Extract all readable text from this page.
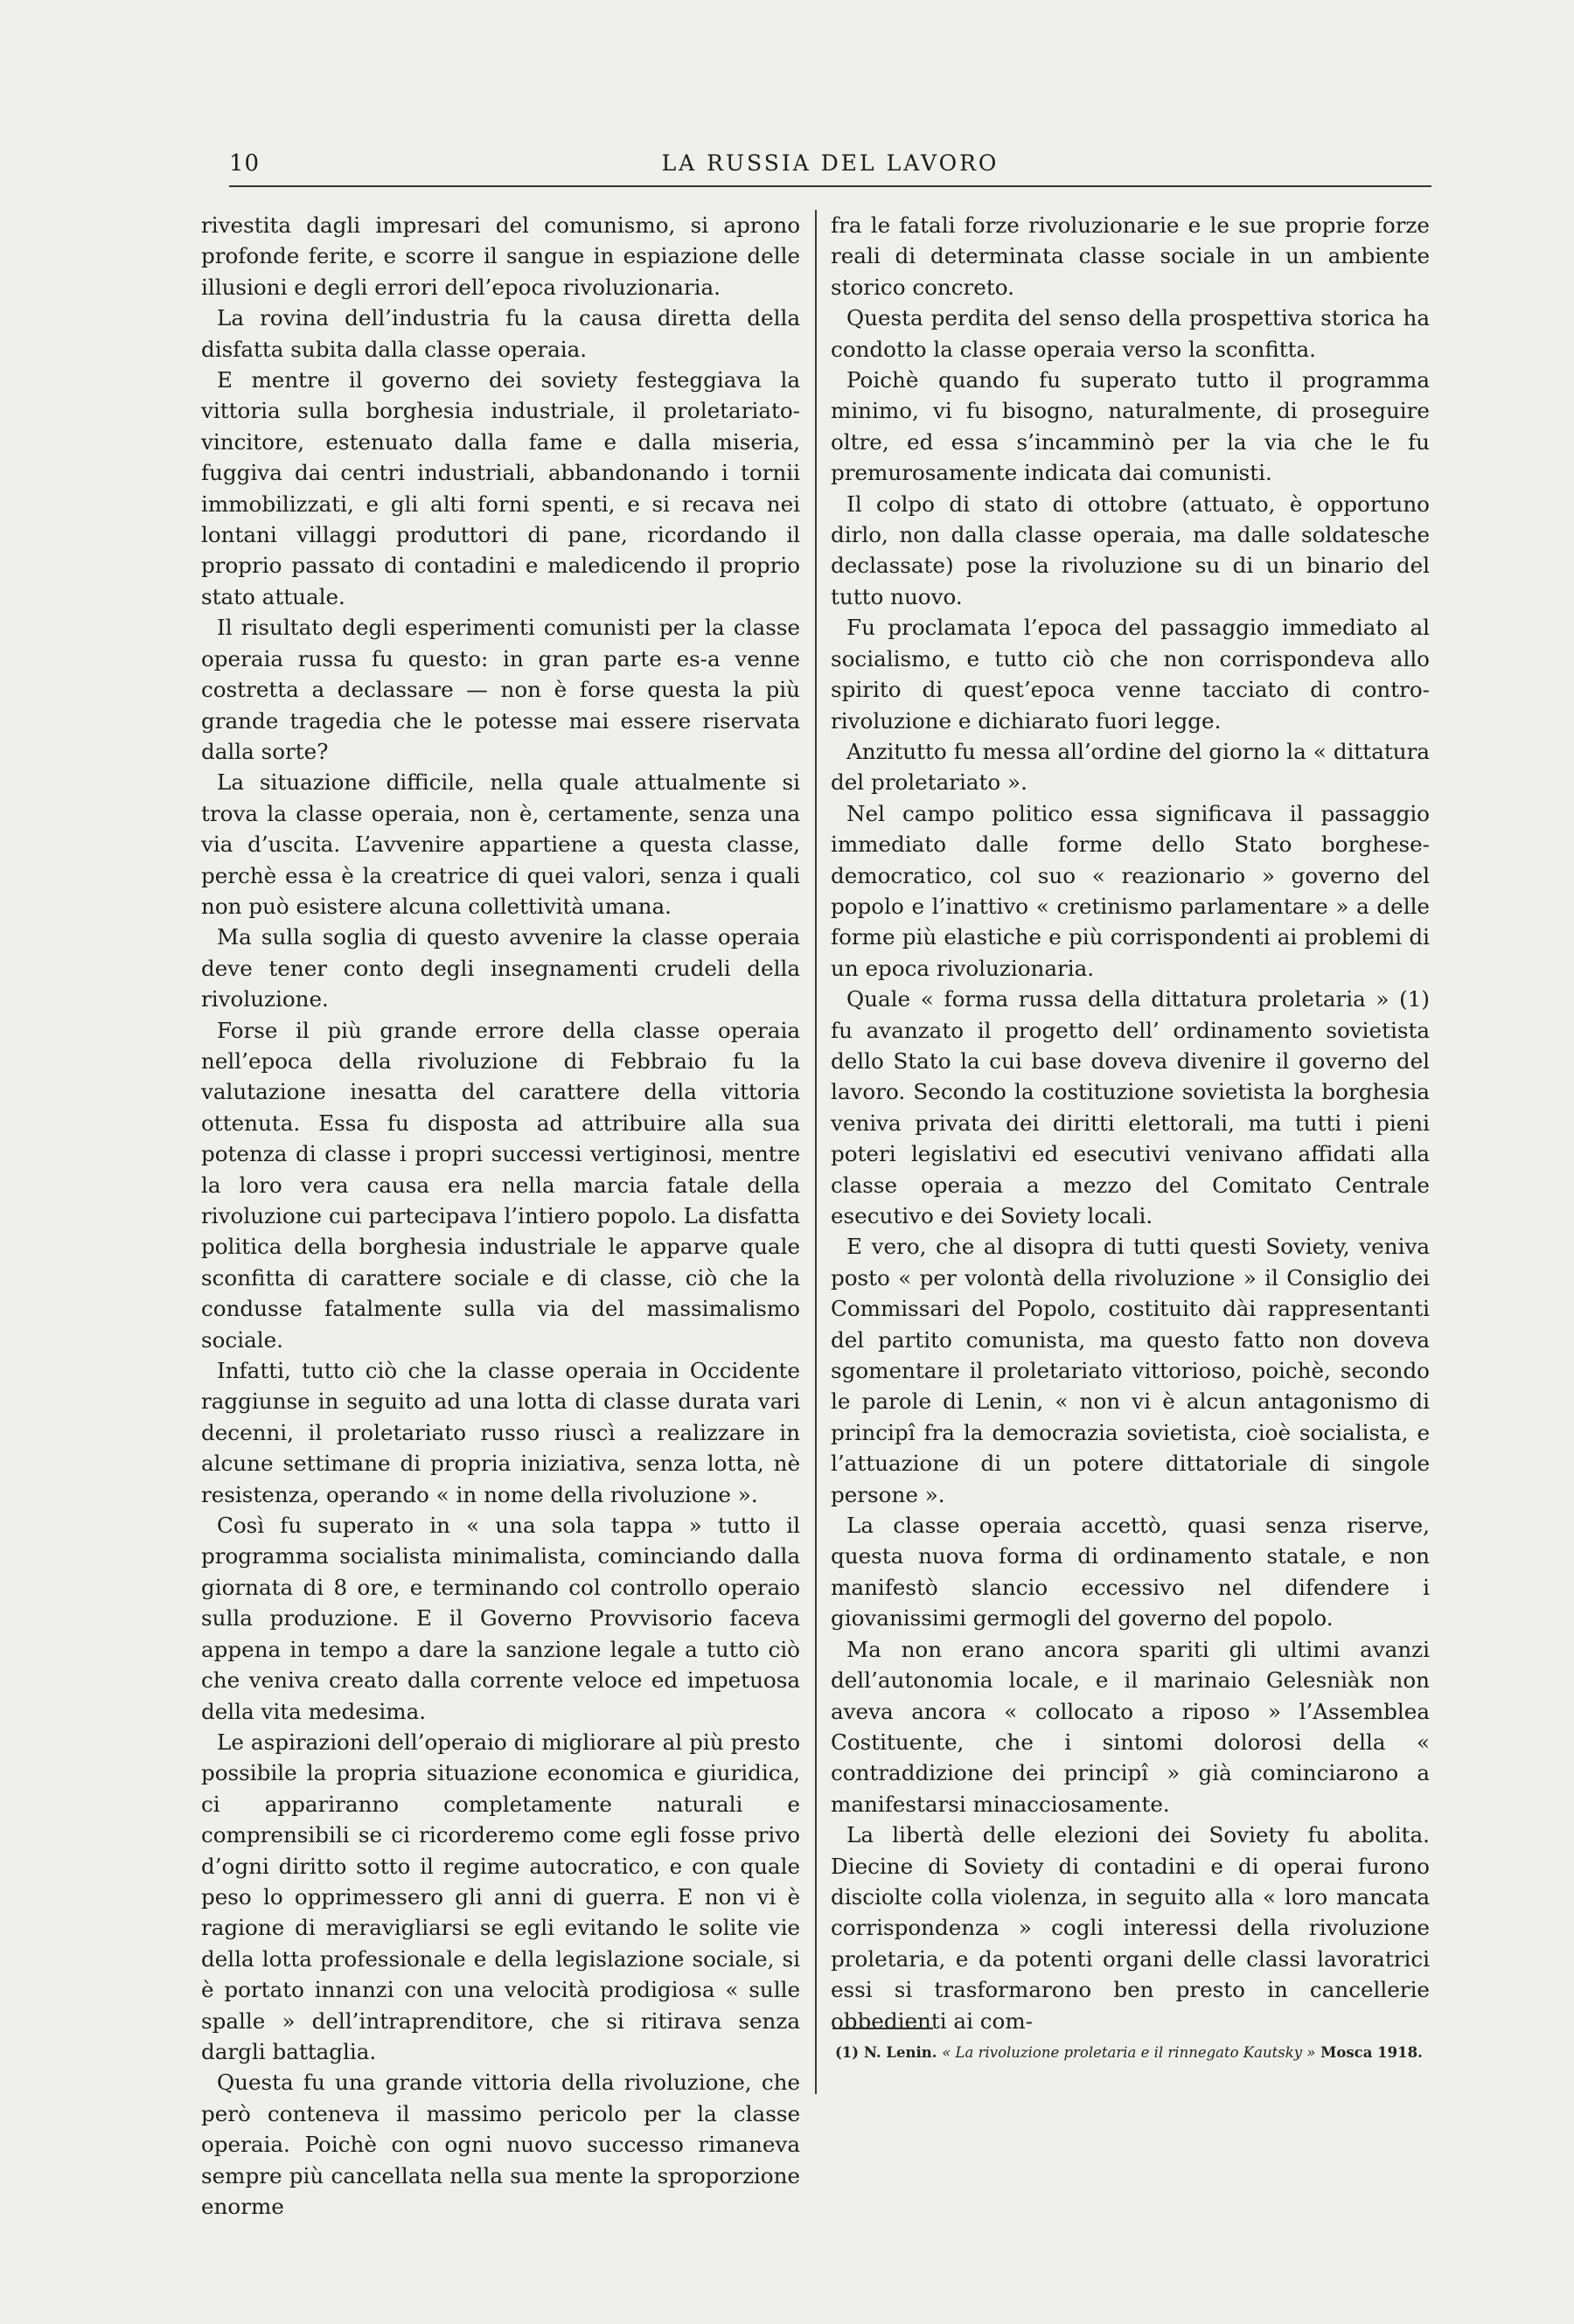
10	LA RUSSIA DEL LAVORO

rivestita dagli impresari del comunismo, si aprono profonde ferite, e scorre il sangue in espiazione delle illusioni e degli errori dell’epoca rivoluzionaria.

La rovina dell’industria fu la causa diretta della disfatta subita dalla classe operaia.

E mentre il governo dei soviety festeggiava la vittoria sulla borghesia industriale, il proletariato-vincitore, estenuato dalla fame e dalla miseria, fuggiva dai centri industriali, abbandonando i tornii immobilizzati, e gli alti forni spenti, e si recava nei lontani villaggi produttori di pane, ricordando il proprio passato di contadini e maledicendo il proprio stato attuale.

Il risultato degli esperimenti comunisti per la classe operaia russa fu questo: in gran parte es-a venne costretta a declassare — non è forse questa la più grande tragedia che le potesse mai essere riservata dalla sorte?

La situazione difficile, nella quale attualmente si trova la classe operaia, non è, certamente, senza una via d’uscita. L’avvenire appartiene a questa classe, perchè essa è la creatrice di quei valori, senza i quali non può esistere alcuna collettività umana.

Ma sulla soglia di questo avvenire la classe operaia deve tener conto degli insegnamenti crudeli della rivoluzione.

Forse il più grande errore della classe operaia nell’epoca della rivoluzione di Febbraio fu la valutazione inesatta del carattere della vittoria ottenuta. Essa fu disposta ad attribuire alla sua potenza di classe i propri successi vertiginosi, mentre la loro vera causa era nella marcia fatale della rivoluzione cui partecipava l’intiero popolo. La disfatta politica della borghesia industriale le apparve quale sconfitta di carattere sociale e di classe, ciò che la condusse fatalmente sulla via del massimalismo sociale.

Infatti, tutto ciò che la classe operaia in Occidente raggiunse in seguito ad una lotta di classe durata vari decenni, il proletariato russo riuscì a realizzare in alcune settimane di propria iniziativa, senza lotta, nè resistenza, operando « in nome della rivoluzione ».

Così fu superato in « una sola tappa » tutto il programma socialista minimalista, cominciando dalla giornata di 8 ore, e terminando col controllo operaio sulla produzione. E il Governo Provvisorio faceva appena in tempo a dare la sanzione legale a tutto ciò che veniva creato dalla corrente veloce ed impetuosa della vita medesima.

Le aspirazioni dell’operaio di migliorare al più presto possibile la propria situazione economica e giuridica, ci appariranno completamente naturali e comprensibili se ci ricorderemo come egli fosse privo d’ogni diritto sotto il regime autocratico, e con quale peso lo opprimessero gli anni di guerra. E non vi è ragione di meravigliarsi se egli evitando le solite vie della lotta professionale e della legislazione sociale, si è portato innanzi con una velocità prodigiosa « sulle spalle » dell’intraprenditore, che si ritirava senza dargli battaglia.

Questa fu una grande vittoria della rivoluzione, che però conteneva il massimo pericolo per la classe operaia. Poichè con ogni nuovo successo rimaneva sempre più cancellata nella sua mente la sproporzione enorme

fra le fatali forze rivoluzionarie e le sue proprie forze reali di determinata classe sociale in un ambiente storico concreto.

Questa perdita del senso della prospettiva storica ha condotto la classe operaia verso la sconfitta.

Poichè quando fu superato tutto il programma minimo, vi fu bisogno, naturalmente, di proseguire oltre, ed essa s’incamminò per la via che le fu premurosamente indicata dai comunisti.

Il colpo di stato di ottobre (attuato, è opportuno dirlo, non dalla classe operaia, ma dalle soldatesche declassate) pose la rivoluzione su di un binario del tutto nuovo.

Fu proclamata l’epoca del passaggio immediato al socialismo, e tutto ciò che non corrispondeva allo spirito di quest’epoca venne tacciato di contro-rivoluzione e dichiarato fuori legge.

Anzitutto fu messa all’ordine del giorno la « dittatura del proletariato ».

Nel campo politico essa significava il passaggio immediato dalle forme dello Stato borghese-democratico, col suo « reazionario » governo del popolo e l’inattivo « cretinismo parlamentare » a delle forme più elastiche e più corrispondenti ai problemi di un epoca rivoluzionaria.

Quale « forma russa della dittatura proletaria » (1) fu avanzato il progetto dell’ ordinamento sovietista dello Stato la cui base doveva divenire il governo del lavoro. Secondo la costituzione sovietista la borghesia veniva privata dei diritti elettorali, ma tutti i pieni poteri legislativi ed esecutivi venivano affidati alla classe operaia a mezzo del Comitato Centrale esecutivo e dei Soviety locali.

E vero, che al disopra di tutti questi Soviety, veniva posto « per volontà della rivoluzione » il Consiglio dei Commissari del Popolo, costituito dài rappresentanti del partito comunista, ma questo fatto non doveva sgomentare il proletariato vittorioso, poichè, secondo le parole di Lenin, « non vi è alcun antagonismo di principî fra la democrazia sovietista, cioè socialista, e l’attuazione di un potere dittatoriale di singole persone ».

La classe operaia accettò, quasi senza riserve, questa nuova forma di ordinamento statale, e non manifestò slancio eccessivo nel difendere i giovanissimi germogli del governo del popolo.

Ma non erano ancora spariti gli ultimi avanzi dell’autonomia locale, e il marinaio Gelesniàk non aveva ancora « collocato a riposo » l’Assemblea Costituente, che i sintomi dolorosi della « contraddizione dei principî » già cominciarono a manifestarsi minacciosamente.

La libertà delle elezioni dei Soviety fu abolita. Diecine di Soviety di contadini e di operai furono disciolte colla violenza, in seguito alla « loro mancata corrispondenza » cogli interessi della rivoluzione proletaria, e da potenti organi delle classi lavoratrici essi si trasformarono ben presto in cancellerie obbedienti ai com-

(1) N. Lenin. « La rivoluzione proletaria e il rinnegato Kautsky » Mosca 1918.
